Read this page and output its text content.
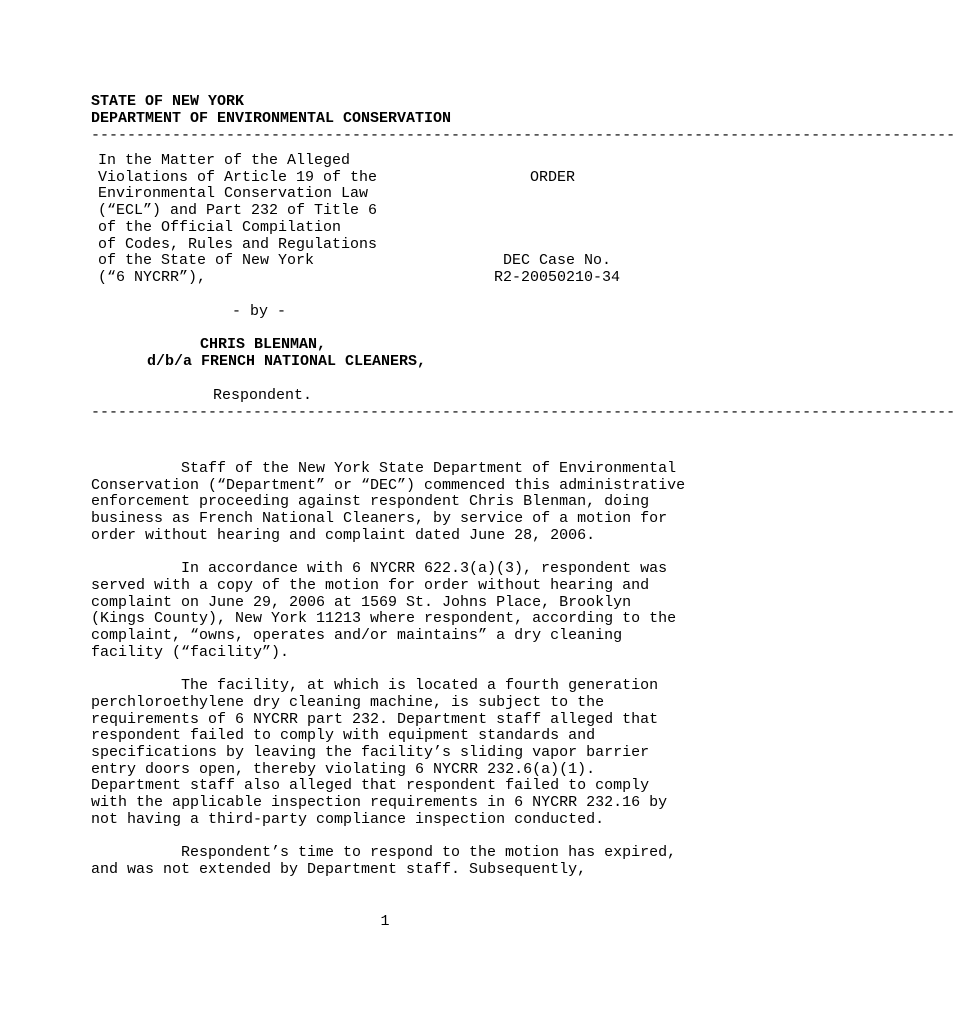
STATE OF NEW YORK
DEPARTMENT OF ENVIRONMENTAL CONSERVATION
------------------------------------------------------------------------------------------------
In the Matter of the Alleged
Violations of Article 19 of the
Environmental Conservation Law
(“ECL”) and Part 232 of Title 6
of the Official Compilation
of Codes, Rules and Regulations
of the State of New York
(“6 NYCRR”),
ORDER
DEC Case No.
R2-20050210-34
- by -
CHRIS BLENMAN,
d/b/a FRENCH NATIONAL CLEANERS,
Respondent.
------------------------------------------------------------------------------------------------

Staff of the New York State Department of Environmental Conservation (“Department” or “DEC”) commenced this administrative enforcement proceeding against respondent Chris Blenman, doing business as French National Cleaners, by service of a motion for order without hearing and complaint dated June 28, 2006.

In accordance with 6 NYCRR 622.3(a)(3), respondent was served with a copy of the motion for order without hearing and complaint on June 29, 2006 at 1569 St. Johns Place, Brooklyn (Kings County), New York 11213 where respondent, according to the complaint, “owns, operates and/or maintains” a dry cleaning facility (“facility”).

The facility, at which is located a fourth generation perchloroethylene dry cleaning machine, is subject to the requirements of 6 NYCRR part 232. Department staff alleged that respondent failed to comply with equipment standards and specifications by leaving the facility’s sliding vapor barrier entry doors open, thereby violating 6 NYCRR 232.6(a)(1). Department staff also alleged that respondent failed to comply with the applicable inspection requirements in 6 NYCRR 232.16 by not having a third-party compliance inspection conducted.

Respondent’s time to respond to the motion has expired, and was not extended by Department staff. Subsequently,

1
